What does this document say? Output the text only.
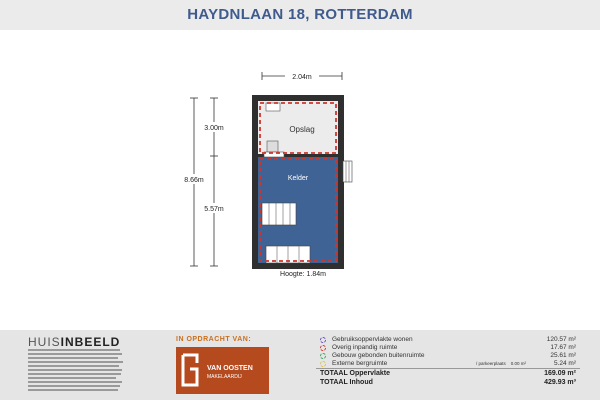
HAYDNLAAN 18, ROTTERDAM
2.04m
8.66m
3.00m
5.57m
Opslag
Kelder
Hoogte: 1.84m
HUISINBEELD	IN OPDRACHT VAN:
VAN OOSTEN
MAKELAARDIJ
Gebruiksoppervlakte wonen	120.57 m²
Overig inpandig ruimte	17.67 m²
Gebouw gebonden buitenruimte	25.61 m²
Externe bergruimte	/ parkeerplaats 0.00 m²	5.24 m²
TOTAAL Oppervlakte	169.09 m²
TOTAAL Inhoud	429.93 m³
